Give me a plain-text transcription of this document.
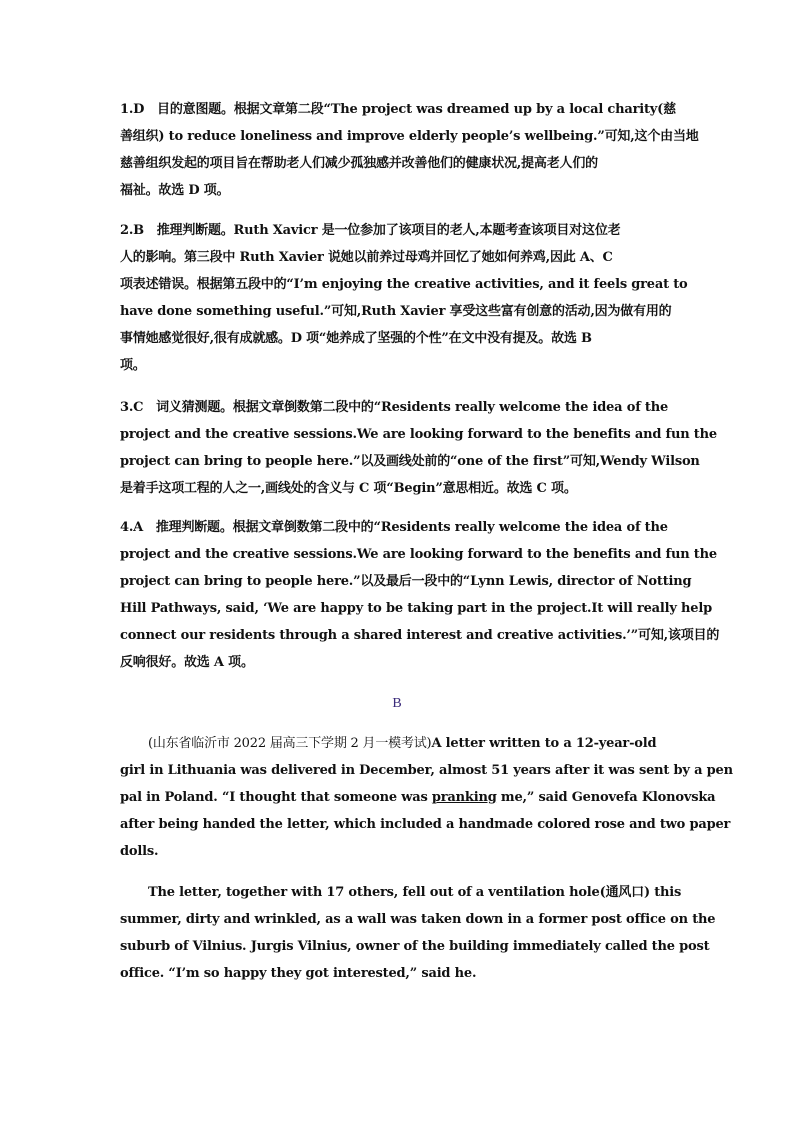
1.D　目的意图题。根据文章第二段“The project was dreamed up by a local charity(慈
善组织) to reduce loneliness and improve elderly people’s wellbeing.”可知,这个由当地
慈善组织发起的项目旨在帮助老人们减少孤独感并改善他们的健康状况,提高老人们的
福祉。故选 D 项。
2.B　推理判断题。Ruth Xavicr 是一位参加了该项目的老人,本题考查该项目对这位老
人的影响。第三段中 Ruth Xavier 说她以前养过母鸡并回忆了她如何养鸡,因此 A、C
项表述错误。根据第五段中的“I’m enjoying the creative activities, and it feels great to
have done something useful.”可知,Ruth Xavier 享受这些富有创意的活动,因为做有用的
事情她感觉很好,很有成就感。D 项“她养成了坚强的个性”在文中没有提及。故选 B
项。
3.C　词义猜测题。根据文章倒数第二段中的“Residents really welcome the idea of the
project and the creative sessions.We are looking forward to the benefits and fun the
project can bring to people here.”以及画线处前的“one of the first”可知,Wendy Wilson
是着手这项工程的人之一,画线处的含义与 C 项“Begin”意思相近。故选 C 项。
4.A　推理判断题。根据文章倒数第二段中的“Residents really welcome the idea of the
project and the creative sessions.We are looking forward to the benefits and fun the
project can bring to people here.”以及最后一段中的“Lynn Lewis, director of Notting
Hill Pathways, said, ‘We are happy to be taking part in the project.It will really help
connect our residents through a shared interest and creative activities.’”可知,该项目的
反响很好。故选 A 项。
B
(山东省临沂市 2022 届高三下学期 2 月一模考试)A letter written to a 12-year-old
girl in Lithuania was delivered in December, almost 51 years after it was sent by a pen
pal in Poland. “I thought that someone was pranking me,” said Genovefa Klonovska
after being handed the letter, which included a handmade colored rose and two paper
dolls.
The letter, together with 17 others, fell out of a ventilation hole(通风口) this
summer, dirty and wrinkled, as a wall was taken down in a former post office on the
suburb of Vilnius. Jurgis Vilnius, owner of the building immediately called the post
office. “I’m so happy they got interested,” said he.
